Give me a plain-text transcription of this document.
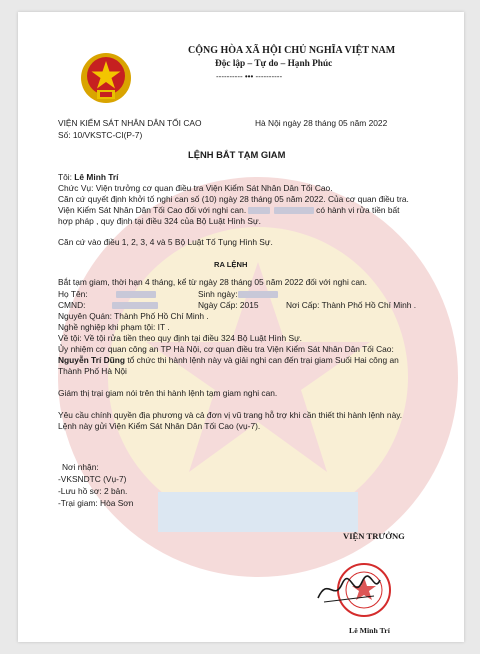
CỘNG HÒA XÃ HỘI CHỦ NGHĨA VIỆT NAM
Độc lập – Tự do – Hạnh Phúc
---------- ••• ----------
VIỆN KIỂM SÁT NHÂN DÂN TỐI CAO
Số: 10/VKSTC-CI(P-7)
Hà Nội ngày 28 tháng 05 năm 2022
LỆNH BẮT TẠM GIAM
Tôi: Lê Minh Trí
Chức Vụ: Viện trưởng cơ quan điều tra Viện Kiểm Sát Nhân Dân Tối Cao.
Căn cứ quyết định khởi tố nghi can số (10) ngày 28 tháng 05 năm 2022. Của cơ quan điều tra.
Viện Kiểm Sát Nhân Dân Tối Cao đối với nghi can.	có hành vi rửa tiền bất
hợp pháp , quy định tại điều 324 của Bộ Luật Hình Sự.
Căn cứ vào điều 1, 2, 3, 4 và 5 Bộ Luật Tố Tụng Hình Sự.
RA LỆNH
Bắt tạm giam, thời hạn 4 tháng, kể từ ngày 28 tháng 05 năm 2022 đối với nghi can.
Họ Tên:	Sinh ngày:
CMND:	Ngày Cấp: 2015	Nơi Cấp: Thành Phố Hồ Chí Minh .
Nguyên Quán: Thành Phố Hồ Chí Minh .
Nghề nghiệp khi phạm tội: IT .
Về tội: Về tội rửa tiền theo quy định tại điều 324 Bộ Luật Hình Sự.
Ủy nhiệm cơ quan công an TP Hà Nội, cơ quan điều tra Viện Kiểm Sát Nhân Dân Tối Cao:
Nguyễn Trí Dũng tổ chức thi hành lệnh này và giải nghi can đến trại giam Suối Hai công an
Thành Phố Hà Nội
Giám thị trại giam nói trên thi hành lệnh tạm giam nghi can.
Yêu cầu chính quyền địa phương và cả đơn vị vũ trang hỗ trợ khi cần thiết thi hành lệnh này.
Lệnh này gửi Viện Kiểm Sát Nhân Dân Tối Cao (vụ-7).
Nơi nhận:
-VKSNDTC (Vụ-7)
-Lưu hồ sơ: 2 bản.
-Trại giam: Hòa Sơn
VIỆN TRƯỞNG
Lê Minh Trí
